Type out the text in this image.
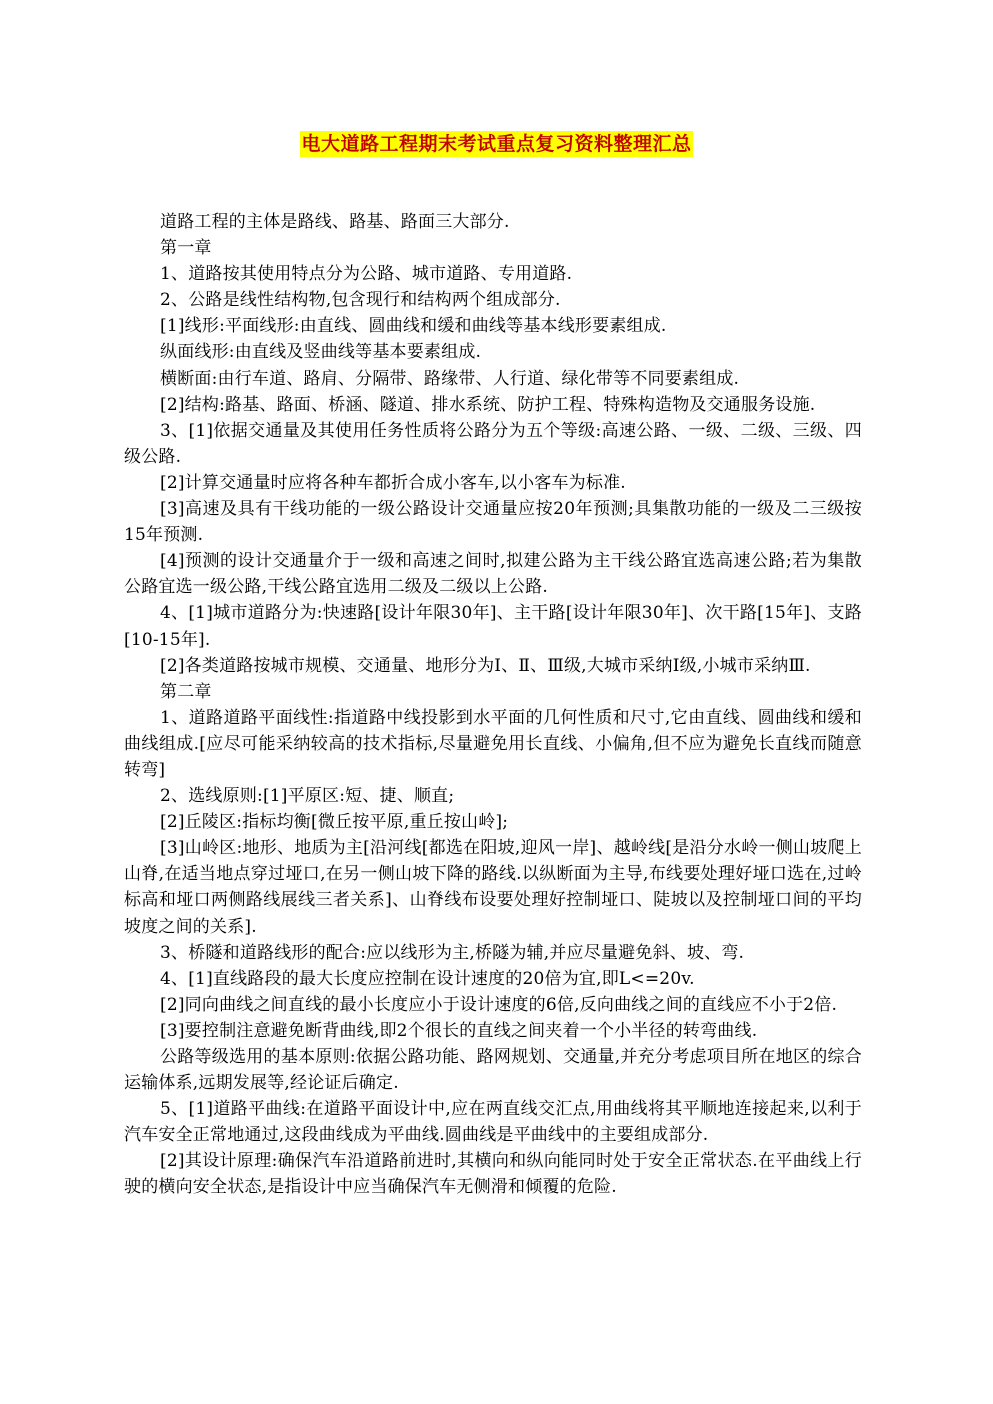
电大道路工程期末考试重点复习资料整理汇总

道路工程的主体是路线、路基、路面三大部分.

第一章

1、道路按其使用特点分为公路、城市道路、专用道路.

2、公路是线性结构物,包含现行和结构两个组成部分.

[1]线形:平面线形:由直线、圆曲线和缓和曲线等基本线形要素组成.

纵面线形:由直线及竖曲线等基本要素组成.

横断面:由行车道、路肩、分隔带、路缘带、人行道、绿化带等不同要素组成.

[2]结构:路基、路面、桥涵、隧道、排水系统、防护工程、特殊构造物及交通服务设施.

3、[1]依据交通量及其使用任务性质将公路分为五个等级:高速公路、一级、二级、三级、四级公路.

[2]计算交通量时应将各种车都折合成小客车,以小客车为标准.

[3]高速及具有干线功能的一级公路设计交通量应按20年预测;具集散功能的一级及二三级按15年预测.

[4]预测的设计交通量介于一级和高速之间时,拟建公路为主干线公路宜选高速公路;若为集散公路宜选一级公路,干线公路宜选用二级及二级以上公路.

4、[1]城市道路分为:快速路[设计年限30年]、主干路[设计年限30年]、次干路[15年]、支路[10-15年].

[2]各类道路按城市规模、交通量、地形分为Ⅰ、Ⅱ、Ⅲ级,大城市采纳Ⅰ级,小城市采纳Ⅲ.

第二章

1、道路道路平面线性:指道路中线投影到水平面的几何性质和尺寸,它由直线、圆曲线和缓和曲线组成.[应尽可能采纳较高的技术指标,尽量避免用长直线、小偏角,但不应为避免长直线而随意转弯]

2、选线原则:[1]平原区:短、捷、顺直;

[2]丘陵区:指标均衡[微丘按平原,重丘按山岭];

[3]山岭区:地形、地质为主[沿河线[都选在阳坡,迎风一岸]、越岭线[是沿分水岭一侧山坡爬上山脊,在适当地点穿过垭口,在另一侧山坡下降的路线.以纵断面为主导,布线要处理好垭口选在,过岭标高和垭口两侧路线展线三者关系]、山脊线布设要处理好控制垭口、陡坡以及控制垭口间的平均坡度之间的关系].

3、桥隧和道路线形的配合:应以线形为主,桥隧为辅,并应尽量避免斜、坡、弯.

4、[1]直线路段的最大长度应控制在设计速度的20倍为宜,即L<=20v.

[2]同向曲线之间直线的最小长度应小于设计速度的6倍,反向曲线之间的直线应不小于2倍.

[3]要控制注意避免断背曲线,即2个很长的直线之间夹着一个小半径的转弯曲线.

公路等级选用的基本原则:依据公路功能、路网规划、交通量,并充分考虑项目所在地区的综合运输体系,远期发展等,经论证后确定.

5、[1]道路平曲线:在道路平面设计中,应在两直线交汇点,用曲线将其平顺地连接起来,以利于汽车安全正常地通过,这段曲线成为平曲线.圆曲线是平曲线中的主要组成部分.

[2]其设计原理:确保汽车沿道路前进时,其横向和纵向能同时处于安全正常状态.在平曲线上行驶的横向安全状态,是指设计中应当确保汽车无侧滑和倾覆的危险.
